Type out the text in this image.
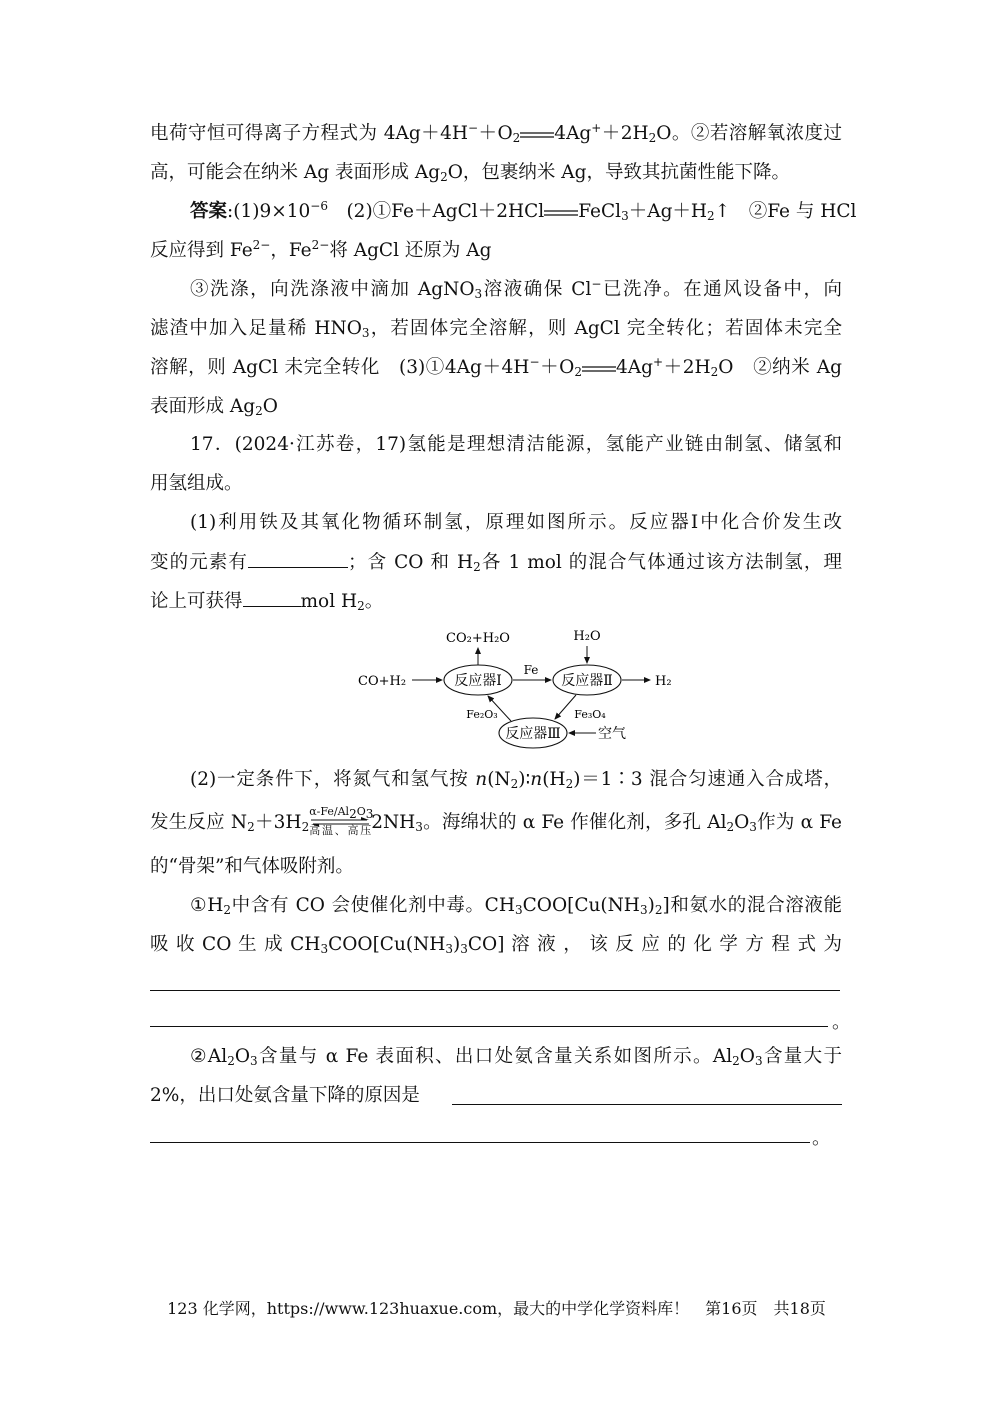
电荷守恒可得离子方程式为 $4Ag+4H^-+O_2$ $4Ag^++2H_2O$。②若溶解氧浓度过
高，可能会在纳米 Ag 表面形成 $Ag_2O$，包裹纳米 Ag，导致其抗菌性能下降。
答案$:(1)9\times 10^{-6}$　(2)①Fe＋AgCl＋2HCl $FeCl_3+Ag+H_2↑$　②Fe 与 HCl
反应得到 $Fe^{2-}$，$Fe^{2-}$将 AgCl 还原为 Ag
③洗涤，向洗涤液中滴加 AgNO$_3$溶液确保 Cl−已洗净。在通风设备中，向
滤渣中加入足量稀 $HNO_3$，若固体完全溶解，则 AgCl 完全转化；若固体未完全
溶解，则 AgCl 未完全转化　$(3)①4Ag+4H^-+O_2$ $4Ag^++2H_2O$　②纳米 Ag
表面形成 $Ag_2O$
17．(2024·江苏卷，17)氢能是理想清洁能源，氢能产业链由制氢、储氢和
用氢组成。
(1)利用铁及其氧化物循环制氢，原理如图所示。反应器Ⅰ中化合价发生改
变的元素有	；含 CO 和 $H_2$各 1 mol 的混合气体通过该方法制氢，理
论上可获得	mol $H_2$。
反应器Ⅰ	反应器Ⅱ
反应器Ⅲ
CO+H₂
CO₂+H₂O
Fe
H₂O
H₂
Fe₃O₄
Fe₂O₃
空气
(2)一定条件下，将氮气和氢气按 $n(N_2)∶n(H_2)=1∶3$ 混合匀速通入合成塔，
发生反应 $N_2+3H_2$
$\alpha-Fe/Al_2O_3$
高温、高压 $2NH_3$。海绵状的 α Fe 作催化剂，多孔 $Al_2O_3$作为 α Fe
的“骨架”和气体吸附剂。
$①H_2$中含有 CO 会使催化剂中毒。$CH_3COO[Cu(NH_3)_2]$和氨水的混合溶液能
吸 收 CO 生 成 $CH_3COO[Cu(NH_3)_3CO]$ 溶 液 ， 该 反 应 的 化 学 方 程 式 为
。
$②Al_2O_3$含量与 α Fe 表面积、出口处氨含量关系如图所示。$Al_2O_3$含量大于
2%，出口处氨含量下降的原因是
。
123 化学网，https://www.123huaxue.com，最大的中学化学资料库！　第16页　共18页
